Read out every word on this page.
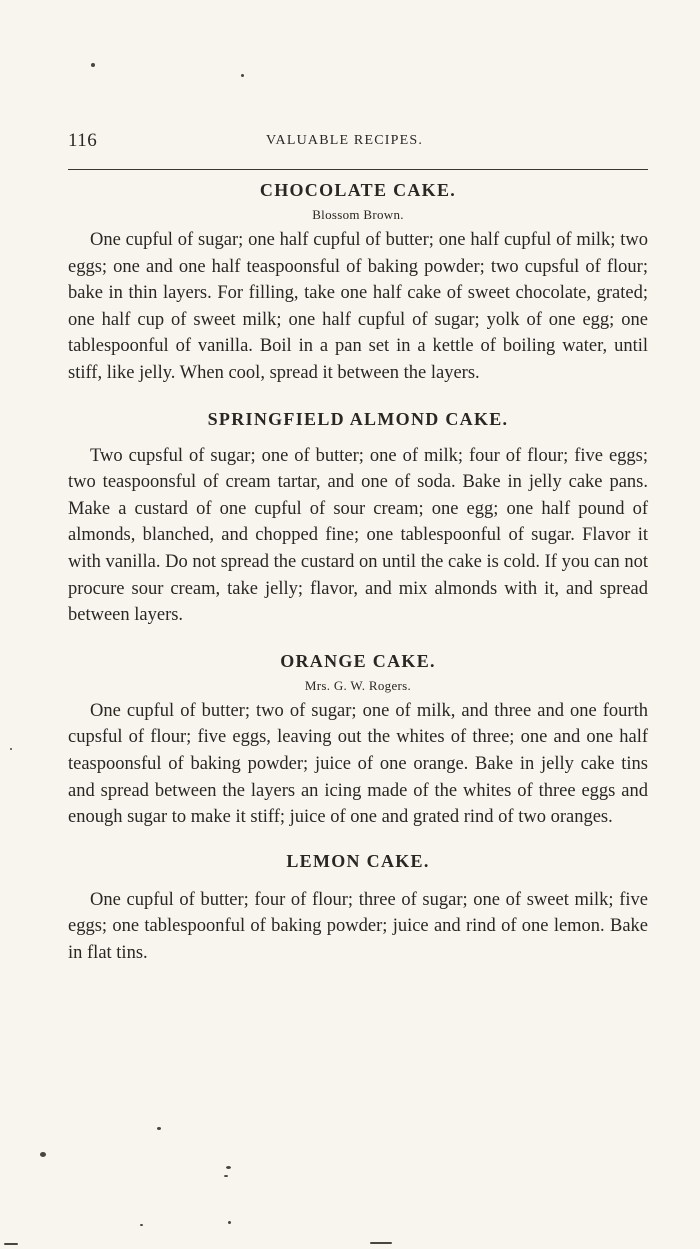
116	VALUABLE RECIPES.
CHOCOLATE CAKE.
Blossom Brown.

One cupful of sugar; one half cupful of butter; one half cupful of milk; two eggs; one and one half teaspoonsful of baking powder; two cupsful of flour; bake in thin layers. For filling, take one half cake of sweet chocolate, grated; one half cup of sweet milk; one half cupful of sugar; yolk of one egg; one tablespoonful of vanilla. Boil in a pan set in a kettle of boiling water, until stiff, like jelly. When cool, spread it between the layers.

SPRINGFIELD ALMOND CAKE.

Two cupsful of sugar; one of butter; one of milk; four of flour; five eggs; two teaspoonsful of cream tartar, and one of soda. Bake in jelly cake pans. Make a custard of one cupful of sour cream; one egg; one half pound of almonds, blanched, and chopped fine; one tablespoonful of sugar. Flavor it with vanilla. Do not spread the custard on until the cake is cold. If you can not procure sour cream, take jelly; flavor, and mix almonds with it, and spread between layers.

ORANGE CAKE.
Mrs. G. W. Rogers.

One cupful of butter; two of sugar; one of milk, and three and one fourth cupsful of flour; five eggs, leaving out the whites of three; one and one half teaspoonsful of baking powder; juice of one orange. Bake in jelly cake tins and spread between the layers an icing made of the whites of three eggs and enough sugar to make it stiff; juice of one and grated rind of two oranges.

LEMON CAKE.

One cupful of butter; four of flour; three of sugar; one of sweet milk; five eggs; one tablespoonful of baking powder; juice and rind of one lemon. Bake in flat tins.
